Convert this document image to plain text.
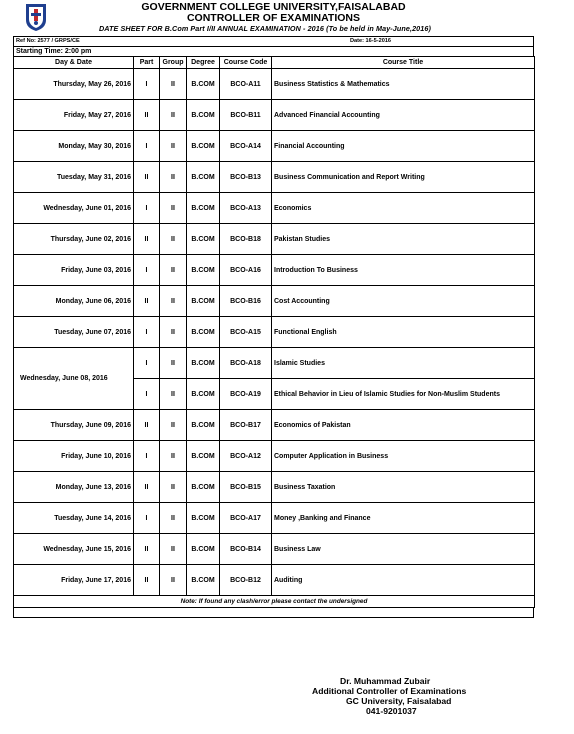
GOVERNMENT COLLEGE UNIVERSITY,FAISALABAD
CONTROLLER OF EXAMINATIONS
DATE SHEET FOR B.Com Part I/II ANNUAL EXAMINATION - 2016 (To be held in May-June,2016)
Ref No: 2577 / GRPS/CE	Date: 16-5-2016
Starting Time: 2:00 pm
Day & Date	Part	Group	Degree	Course Code	Course Title
Thursday, May 26, 2016	I	II	B.COM	BCO-A11	Business Statistics & Mathematics
Friday, May 27, 2016	II	II	B.COM	BCO-B11	Advanced Financial Accounting
Monday, May 30, 2016	I	II	B.COM	BCO-A14	Financial Accounting
Tuesday, May 31, 2016	II	II	B.COM	BCO-B13	Business Communication and Report Writing
Wednesday, June 01, 2016	I	II	B.COM	BCO-A13	Economics
Thursday, June 02, 2016	II	II	B.COM	BCO-B18	Pakistan Studies
Friday, June 03, 2016	I	II	B.COM	BCO-A16	Introduction To Business
Monday, June 06, 2016	II	II	B.COM	BCO-B16	Cost Accounting
Tuesday, June 07, 2016	I	II	B.COM	BCO-A15	Functional English
Wednesday, June 08, 2016	I	II	B.COM	BCO-A18	Islamic Studies
	I	II	B.COM	BCO-A19	Ethical Behavior in Lieu of Islamic Studies for Non-Muslim Students
Thursday, June 09, 2016	II	II	B.COM	BCO-B17	Economics of Pakistan
Friday, June 10, 2016	I	II	B.COM	BCO-A12	Computer Application in Business
Monday, June 13, 2016	II	II	B.COM	BCO-B15	Business Taxation
Tuesday, June 14, 2016	I	II	B.COM	BCO-A17	Money ,Banking and Finance
Wednesday, June 15, 2016	II	II	B.COM	BCO-B14	Business Law
Friday, June 17, 2016	II	II	B.COM	BCO-B12	Auditing
Note: If found any clash/error please contact the undersigned					
Dr. Muhammad Zubair
Additional Controller of Examinations
GC University, Faisalabad
041-9201037
